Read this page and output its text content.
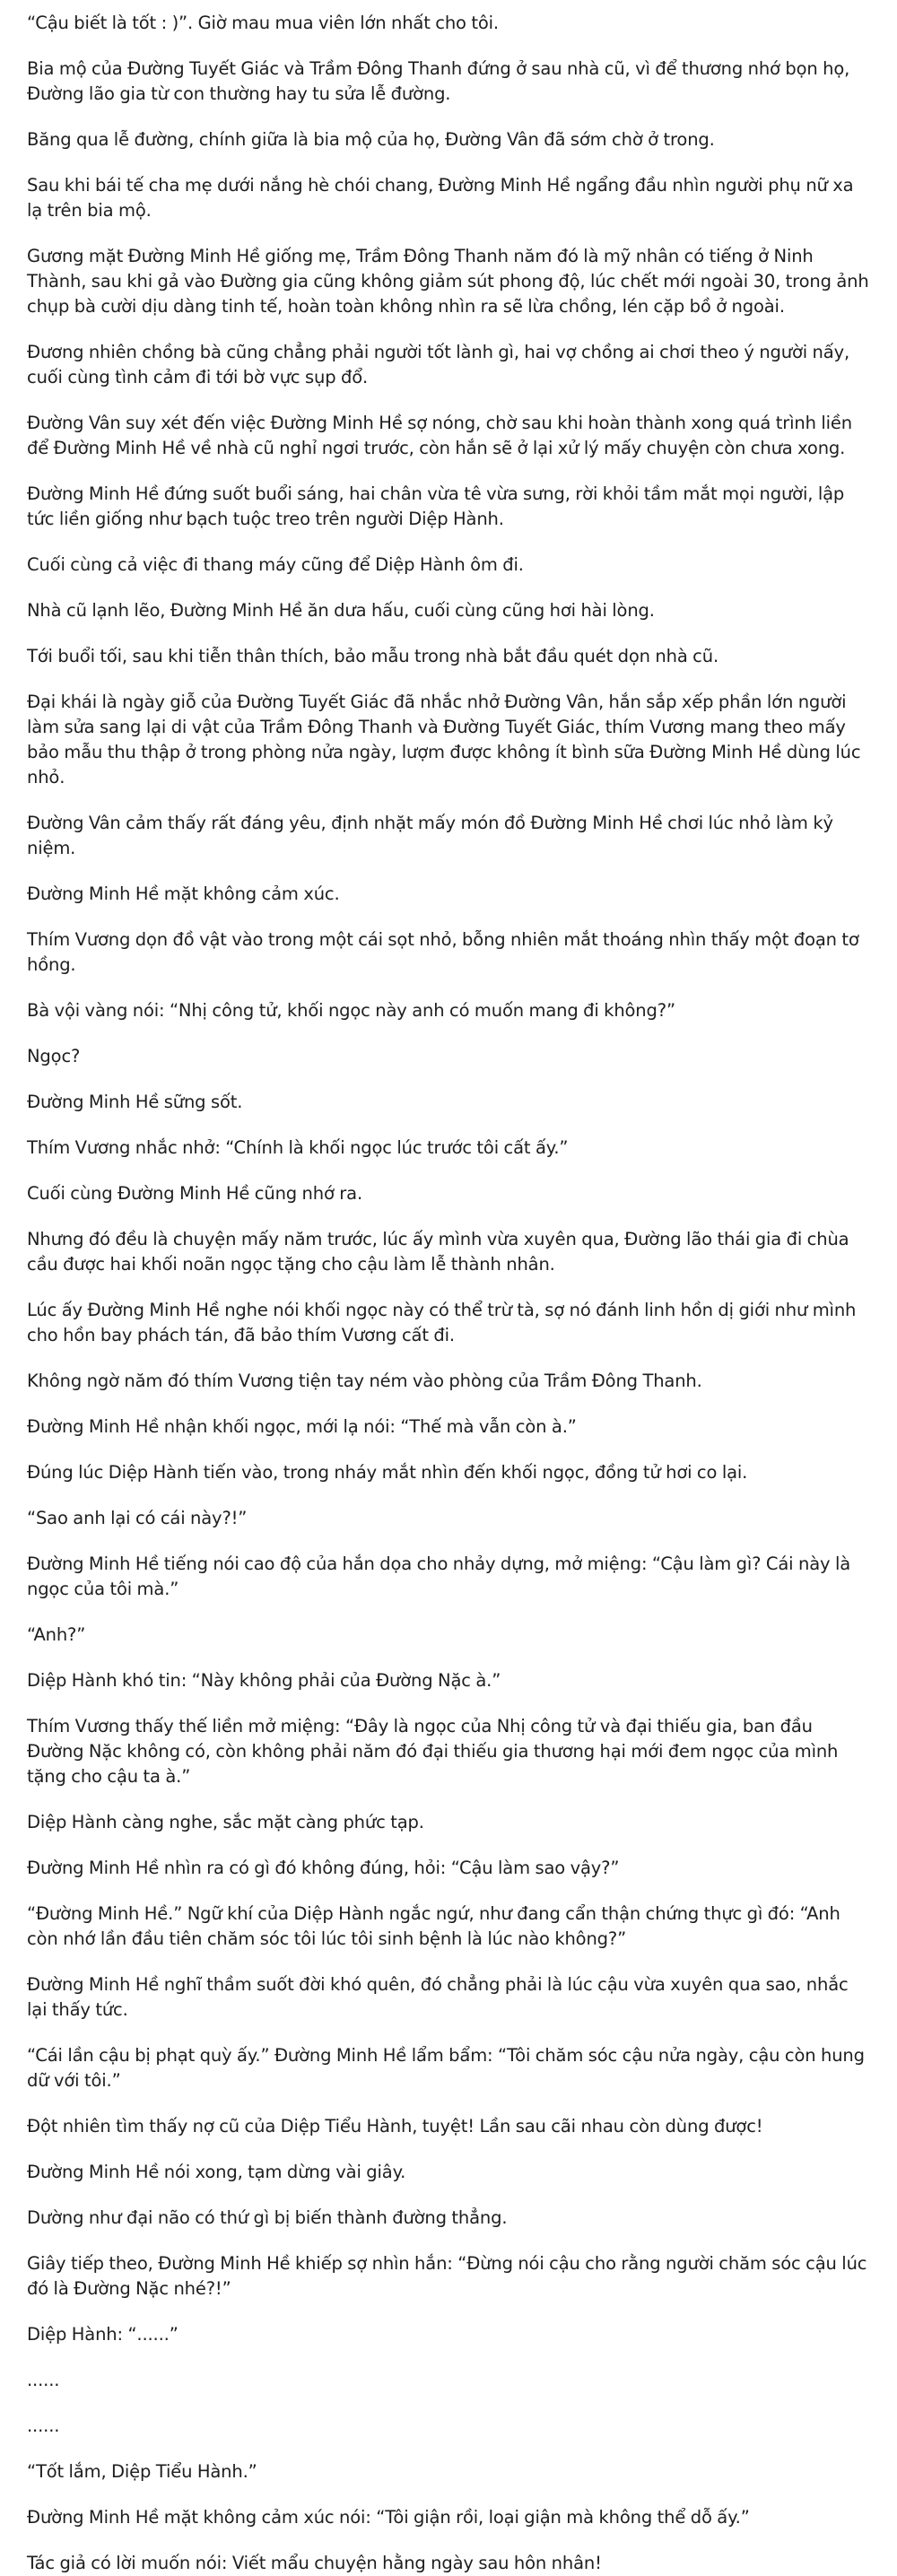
“Cậu biết là tốt : )”. Giờ mau mua viên lớn nhất cho tôi.

Bia mộ của Đường Tuyết Giác và Trầm Đông Thanh đứng ở sau nhà cũ, vì để thương nhớ bọn họ, Đường lão gia từ con thường hay tu sửa lễ đường.

Băng qua lễ đường, chính giữa là bia mộ của họ, Đường Vân đã sớm chờ ở trong.

Sau khi bái tế cha mẹ dưới nắng hè chói chang, Đường Minh Hề ngẩng đầu nhìn người phụ nữ xa lạ trên bia mộ.

Gương mặt Đường Minh Hề giống mẹ, Trầm Đông Thanh năm đó là mỹ nhân có tiếng ở Ninh Thành, sau khi gả vào Đường gia cũng không giảm sút phong độ, lúc chết mới ngoài 30, trong ảnh chụp bà cười dịu dàng tinh tế, hoàn toàn không nhìn ra sẽ lừa chồng, lén cặp bồ ở ngoài.

Đương nhiên chồng bà cũng chẳng phải người tốt lành gì, hai vợ chồng ai chơi theo ý người nấy, cuối cùng tình cảm đi tới bờ vực sụp đổ.

Đường Vân suy xét đến việc Đường Minh Hề sợ nóng, chờ sau khi hoàn thành xong quá trình liền để Đường Minh Hề về nhà cũ nghỉ ngơi trước, còn hắn sẽ ở lại xử lý mấy chuyện còn chưa xong.

Đường Minh Hề đứng suốt buổi sáng, hai chân vừa tê vừa sưng, rời khỏi tầm mắt mọi người, lập tức liền giống như bạch tuộc treo trên người Diệp Hành.

Cuối cùng cả việc đi thang máy cũng để Diệp Hành ôm đi.

Nhà cũ lạnh lẽo, Đường Minh Hề ăn dưa hấu, cuối cùng cũng hơi hài lòng.

Tới buổi tối, sau khi tiễn thân thích, bảo mẫu trong nhà bắt đầu quét dọn nhà cũ.

Đại khái là ngày giỗ của Đường Tuyết Giác đã nhắc nhở Đường Vân, hắn sắp xếp phần lớn người làm sửa sang lại di vật của Trầm Đông Thanh và Đường Tuyết Giác, thím Vương mang theo mấy bảo mẫu thu thập ở trong phòng nửa ngày, lượm được không ít bình sữa Đường Minh Hề dùng lúc nhỏ.

Đường Vân cảm thấy rất đáng yêu, định nhặt mấy món đồ Đường Minh Hề chơi lúc nhỏ làm kỷ niệm.

Đường Minh Hề mặt không cảm xúc.

Thím Vương dọn đồ vật vào trong một cái sọt nhỏ, bỗng nhiên mắt thoáng nhìn thấy một đoạn tơ hồng.

Bà vội vàng nói: “Nhị công tử, khối ngọc này anh có muốn mang đi không?”

Ngọc?

Đường Minh Hề sững sốt.

Thím Vương nhắc nhở: “Chính là khối ngọc lúc trước tôi cất ấy.”

Cuối cùng Đường Minh Hề cũng nhớ ra.

Nhưng đó đều là chuyện mấy năm trước, lúc ấy mình vừa xuyên qua, Đường lão thái gia đi chùa cầu được hai khối noãn ngọc tặng cho cậu làm lễ thành nhân.

Lúc ấy Đường Minh Hề nghe nói khối ngọc này có thể trừ tà, sợ nó đánh linh hồn dị giới như mình cho hồn bay phách tán, đã bảo thím Vương cất đi.

Không ngờ năm đó thím Vương tiện tay ném vào phòng của Trầm Đông Thanh.

Đường Minh Hề nhận khối ngọc, mới lạ nói: “Thế mà vẫn còn à.”

Đúng lúc Diệp Hành tiến vào, trong nháy mắt nhìn đến khối ngọc, đồng tử hơi co lại.

“Sao anh lại có cái này?!”

Đường Minh Hề tiếng nói cao độ của hắn dọa cho nhảy dựng, mở miệng: “Cậu làm gì? Cái này là ngọc của tôi mà.”

“Anh?”

Diệp Hành khó tin: “Này không phải của Đường Nặc à.”

Thím Vương thấy thế liền mở miệng: “Đây là ngọc của Nhị công tử và đại thiếu gia, ban đầu Đường Nặc không có, còn không phải năm đó đại thiếu gia thương hại mới đem ngọc của mình tặng cho cậu ta à.”

Diệp Hành càng nghe, sắc mặt càng phức tạp.

Đường Minh Hề nhìn ra có gì đó không đúng, hỏi: “Cậu làm sao vậy?”

“Đường Minh Hề.” Ngữ khí của Diệp Hành ngắc ngứ, như đang cẩn thận chứng thực gì đó: “Anh còn nhớ lần đầu tiên chăm sóc tôi lúc tôi sinh bệnh là lúc nào không?”

Đường Minh Hề nghĩ thầm suốt đời khó quên, đó chẳng phải là lúc cậu vừa xuyên qua sao, nhắc lại thấy tức.

“Cái lần cậu bị phạt quỳ ấy.” Đường Minh Hề lẩm bẩm: “Tôi chăm sóc cậu nửa ngày, cậu còn hung dữ với tôi.”

Đột nhiên tìm thấy nợ cũ của Diệp Tiểu Hành, tuyệt! Lần sau cãi nhau còn dùng được!

Đường Minh Hề nói xong, tạm dừng vài giây.

Dường như đại não có thứ gì bị biến thành đường thẳng.

Giây tiếp theo, Đường Minh Hề khiếp sợ nhìn hắn: “Đừng nói cậu cho rằng người chăm sóc cậu lúc đó là Đường Nặc nhé?!”

Diệp Hành: “......”

......

......

“Tốt lắm, Diệp Tiểu Hành.”

Đường Minh Hề mặt không cảm xúc nói: “Tôi giận rồi, loại giận mà không thể dỗ ấy.”

Tác giả có lời muốn nói: Viết mẩu chuyện hằng ngày sau hôn nhân!
